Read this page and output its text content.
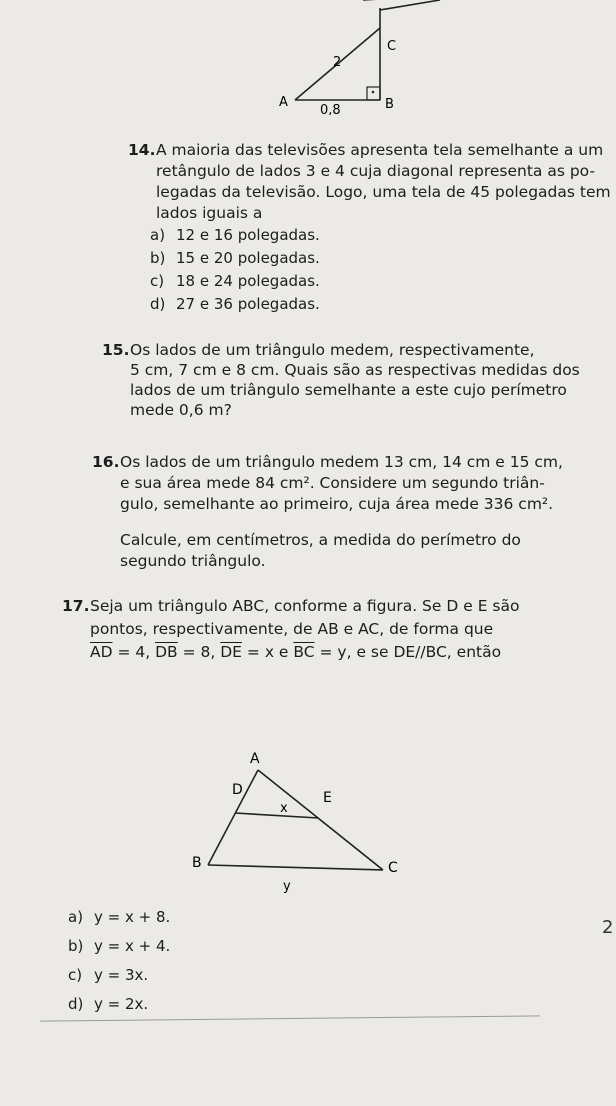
C
A	B
2
0,8
14. A maioria das televisões apresenta tela semelhante a um
retângulo de lados 3 e 4 cuja diagonal representa as po-
legadas da televisão. Logo, uma tela de 45 polegadas tem
lados iguais a
a) 12 e 16 polegadas.
b) 15 e 20 polegadas.
c) 18 e 24 polegadas.
d) 27 e 36 polegadas.
15. Os lados de um triângulo medem, respectivamente,
5 cm, 7 cm e 8 cm. Quais são as respectivas medidas dos
lados de um triângulo semelhante a este cujo perímetro
mede 0,6 m?
16. Os lados de um triângulo medem 13 cm, 14 cm e 15 cm,
e sua área mede 84 cm². Considere um segundo triân-
gulo, semelhante ao primeiro, cuja área mede 336 cm².
Calcule, em centímetros, a medida do perímetro do
segundo triângulo.
17. Seja um triângulo ABC, conforme a figura. Se D e E são
pontos, respectivamente, de AB e AC, de forma que
$\overline{AD} = 4$, $\overline{DB} = 8$, $\overline{DE} = x$ e $\overline{BC} = y$, e se DE//BC, então
A
D	E
B	C
x
y
a) y = x + 8.
b) y = x + 4.
c) y = 3x.
d) y = 2x.
2
